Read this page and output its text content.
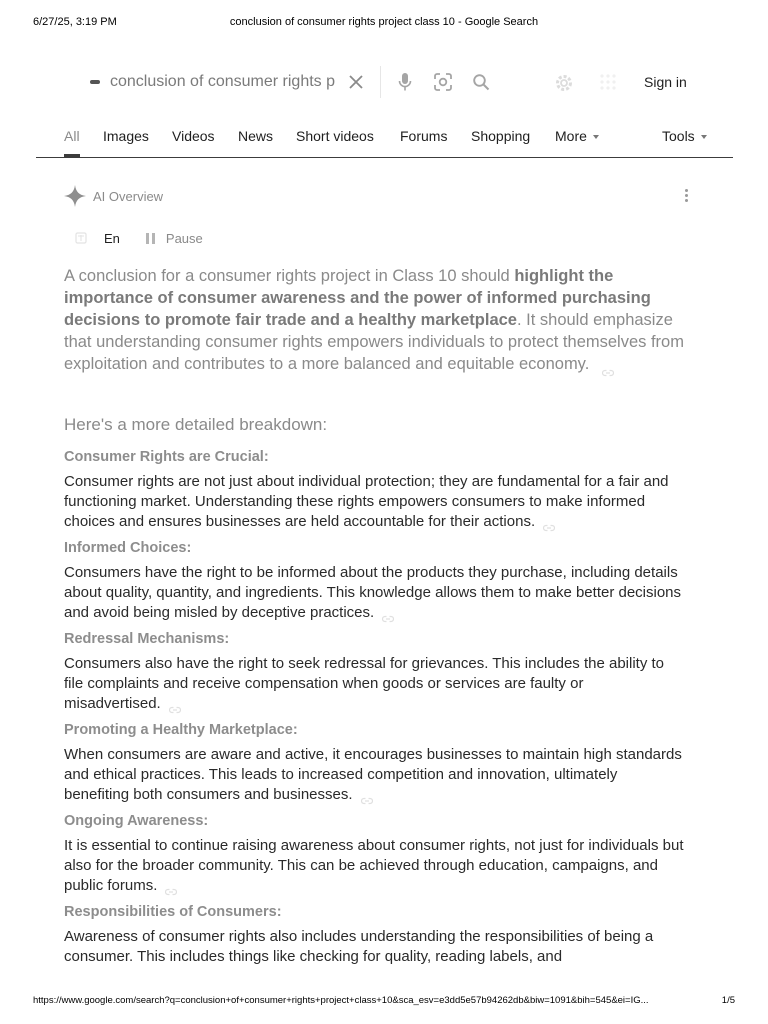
6/27/25, 3:19 PM	conclusion of consumer rights project class 10 - Google Search
conclusion of consumer rights p	Sign in
All Images Videos News Short videos Forums Shopping More	Tools
AI Overview
En	Pause
A conclusion for a consumer rights project in Class 10 should highlight the importance of consumer awareness and the power of informed purchasing decisions to promote fair trade and a healthy marketplace. It should emphasize that understanding consumer rights empowers individuals to protect themselves from exploitation and contributes to a more balanced and equitable economy.
Here's a more detailed breakdown:
Consumer Rights are Crucial:
Consumer rights are not just about individual protection; they are fundamental for a fair and functioning market. Understanding these rights empowers consumers to make informed choices and ensures businesses are held accountable for their actions.
Informed Choices:
Consumers have the right to be informed about the products they purchase, including details about quality, quantity, and ingredients. This knowledge allows them to make better decisions and avoid being misled by deceptive practices.
Redressal Mechanisms:
Consumers also have the right to seek redressal for grievances. This includes the ability to file complaints and receive compensation when goods or services are faulty or misadvertised.
Promoting a Healthy Marketplace:
When consumers are aware and active, it encourages businesses to maintain high standards and ethical practices. This leads to increased competition and innovation, ultimately benefiting both consumers and businesses.
Ongoing Awareness:
It is essential to continue raising awareness about consumer rights, not just for individuals but also for the broader community. This can be achieved through education, campaigns, and public forums.
Responsibilities of Consumers:
Awareness of consumer rights also includes understanding the responsibilities of being a consumer. This includes things like checking for quality, reading labels, and
https://www.google.com/search?q=conclusion+of+consumer+rights+project+class+10&sca_esv=e3dd5e57b94262db&biw=1091&bih=545&ei=IG...	1/5
